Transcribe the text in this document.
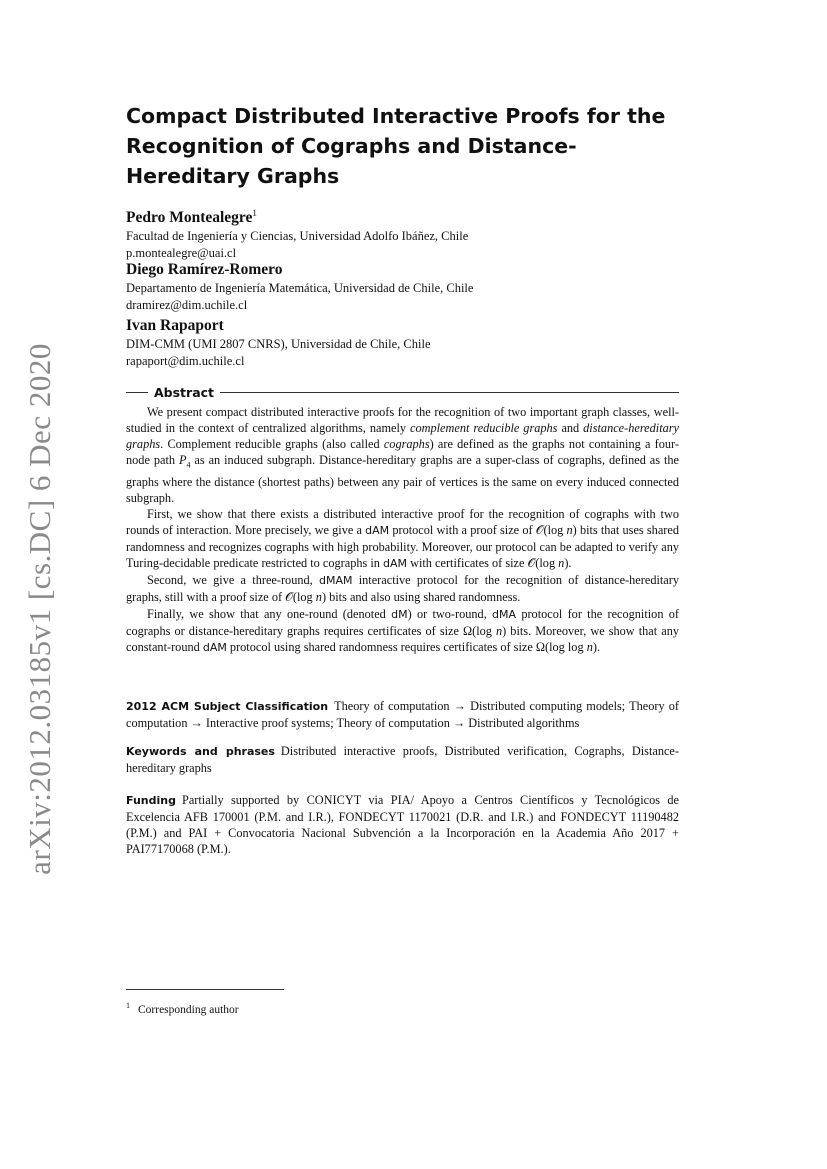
arXiv:2012.03185v1 [cs.DC] 6 Dec 2020
Compact Distributed Interactive Proofs for the Recognition of Cographs and Distance-Hereditary Graphs
Pedro Montealegre$^1$
Facultad de Ingeniería y Ciencias, Universidad Adolfo Ibáñez, Chile
p.montealegre@uai.cl
Diego Ramírez-Romero
Departamento de Ingeniería Matemática, Universidad de Chile, Chile
dramirez@dim.uchile.cl
Ivan Rapaport
DIM-CMM (UMI 2807 CNRS), Universidad de Chile, Chile
rapaport@dim.uchile.cl
Abstract

We present compact distributed interactive proofs for the recognition of two important graph classes, well-studied in the context of centralized algorithms, namely complement reducible graphs and distance-hereditary graphs. Complement reducible graphs (also called cographs) are defined as the graphs not containing a four-node path $P_4$ as an induced subgraph. Distance-hereditary graphs are a super-class of cographs, defined as the graphs where the distance (shortest paths) between any pair of vertices is the same on every induced connected subgraph.

First, we show that there exists a distributed interactive proof for the recognition of cographs with two rounds of interaction. More precisely, we give a dAM protocol with a proof size of 𝒪(log n) bits that uses shared randomness and recognizes cographs with high probability. Moreover, our protocol can be adapted to verify any Turing-decidable predicate restricted to cographs in dAM with certificates of size 𝒪(log n).

Second, we give a three-round, dMAM interactive protocol for the recognition of distance-hereditary graphs, still with a proof size of 𝒪(log n) bits and also using shared randomness.

Finally, we show that any one-round (denoted dM) or two-round, dMA protocol for the recognition of cographs or distance-hereditary graphs requires certificates of size Ω(log n) bits. Moreover, we show that any constant-round dAM protocol using shared randomness requires certificates of size Ω(log log n).

2012 ACM Subject Classification Theory of computation → Distributed computing models; Theory of computation → Interactive proof systems; Theory of computation → Distributed algorithms
Keywords and phrases Distributed interactive proofs, Distributed verification, Cographs, Distance-hereditary graphs
Funding Partially supported by CONICYT via PIA/ Apoyo a Centros Científicos y Tecnológicos de Excelencia AFB 170001 (P.M. and I.R.), FONDECYT 1170021 (D.R. and I.R.) and FONDECYT 11190482 (P.M.) and PAI + Convocatoria Nacional Subvención a la Incorporación en la Academia Año 2017 + PAI77170068 (P.M.).
$^1$ Corresponding author
